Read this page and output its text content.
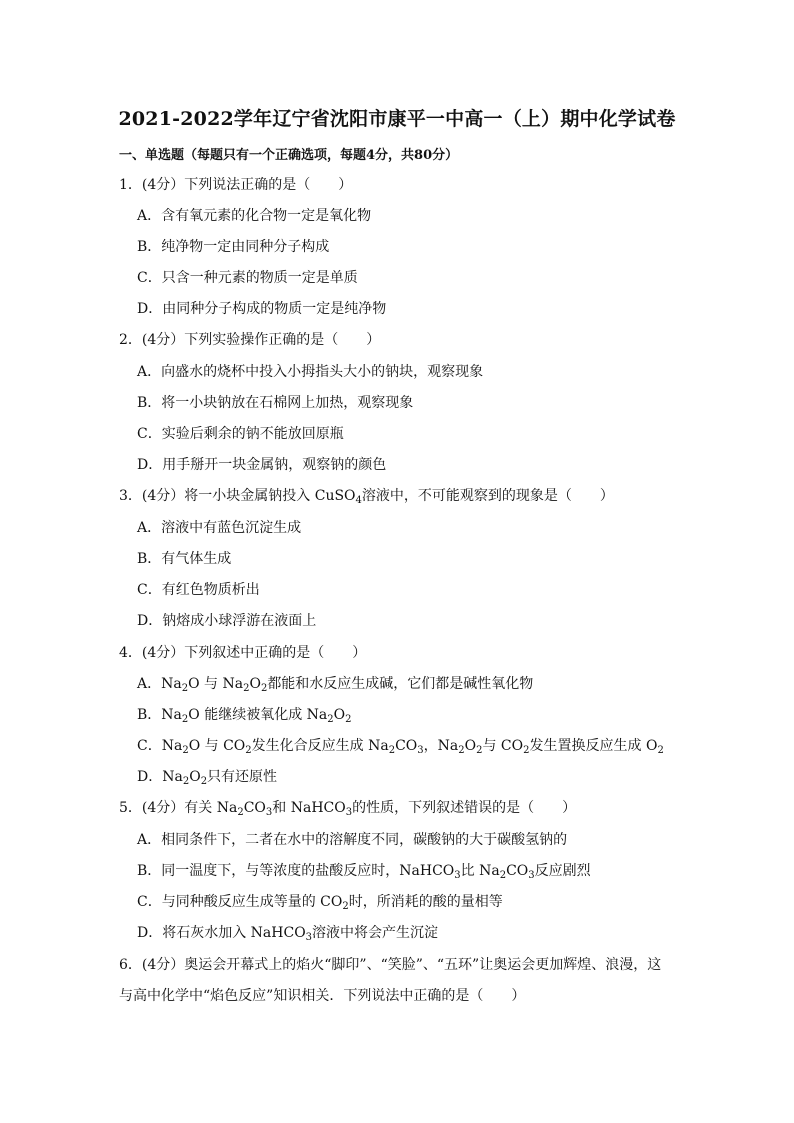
2021-2022学年辽宁省沈阳市康平一中高一（上）期中化学试卷
一、单选题（每题只有一个正确选项，每题4分，共80分）
1．(4分）下列说法正确的是（　　）
A．含有氧元素的化合物一定是氧化物
B．纯净物一定由同种分子构成
C．只含一种元素的物质一定是单质
D．由同种分子构成的物质一定是纯净物
2．(4分）下列实验操作正确的是（　　）
A．向盛水的烧杯中投入小拇指头大小的钠块，观察现象
B．将一小块钠放在石棉网上加热，观察现象
C．实验后剩余的钠不能放回原瓶
D．用手掰开一块金属钠，观察钠的颜色
3．(4分）将一小块金属钠投入 CuSO$_4$溶液中，不可能观察到的现象是（　　）
A．溶液中有蓝色沉淀生成
B．有气体生成
C．有红色物质析出
D．钠熔成小球浮游在液面上
4．(4分）下列叙述中正确的是（　　）
A．$Na_2O$ 与 $Na_2O_2$都能和水反应生成碱，它们都是碱性氧化物
B．$Na_2O$ 能继续被氧化成 $Na_2O_2$
C．$Na_2O$ 与 $CO_2$发生化合反应生成 $Na_2CO_3$，$Na_2O_2$与 $CO_2$发生置换反应生成 $O_2$
D．$Na_2O_2$只有还原性
5．(4分）有关 $Na_2CO_3$和 NaHCO$_3$的性质，下列叙述错误的是（　　）
A．相同条件下，二者在水中的溶解度不同，碳酸钠的大于碳酸氢钠的
B．同一温度下，与等浓度的盐酸反应时，NaHCO$_3$比 $Na_2CO_3$反应剧烈
C．与同种酸反应生成等量的 $CO_2$时，所消耗的酸的量相等
D．将石灰水加入 NaHCO$_3$溶液中将会产生沉淀
6．(4分）奥运会开幕式上的焰火“脚印”、“笑脸”、“五环”让奥运会更加辉煌、浪漫，这
与高中化学中“焰色反应”知识相关．下列说法中正确的是（　　）
